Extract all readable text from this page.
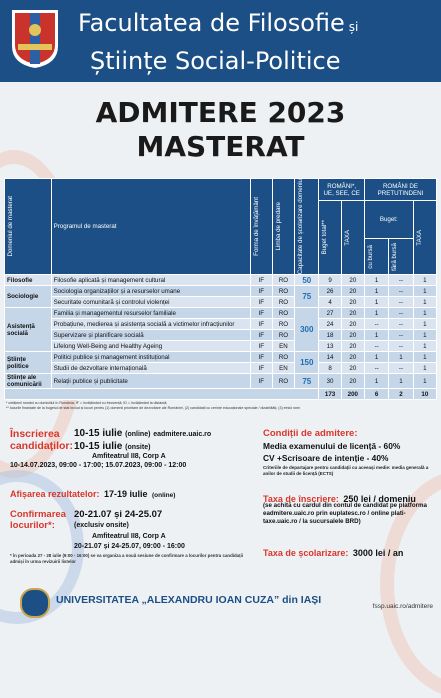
Facultatea de Filosofie și
Științe Social-Politice
ADMITERE 2023
MASTERAT
Domeniul de masterat	Programul de masterat	Forma de învățământ	Limba de predare	Capacitate de școlarizare domeniu	ROMÂNI*, UE, SEE, CE		ROMÂNI DE PRETUTINDENI		

					Buget total**	TAXĂ	Buget:		TAXĂ

							cu bursă	fără bursă	

Filosofie	Filosofie aplicată și management cultural	IF	RO	50	9	20	1	--	1
Sociologie	Sociologia organizațiilor și a resurselor umane	IF	RO	75	26	20	1	--	1
	Securitate comunitară și controlul violenței	IF	RO		4	20	1	--	1
Asistență socială	Familia și managementul resurselor familiale	IF	RO	300	27	20	1	--	1
	Probațiune, medierea și asistența socială a victimelor infracțiunilor	IF	RO		24	20	--	--	1
	Supervizare și planificare socială	IF	RO		18	20	1	--	1
	Lifelong Well-Being and Healthy Ageing	IF	EN		13	20	--	--	1
Științe politice	Politici publice și management instituțional	IF	RO	150	14	20	1	1	1
	Studii de dezvoltare internațională	IF	EN		8	20	--	--	1
Științe ale comunicării	Relații publice și publicitate	IF	RO	75	30	20	1	1	1
					173	200	6	2	10
* cetățenii români cu domiciliul în România; IF = învățământ cu frecvență; ID = învățământ la distanță;
** locurile finanțate de la bugetul de stat includ și locuri pentru (1) domenii prioritare de dezvoltare ale României, (2) candidații cu cerințe educaționale speciale / dizabilități, (3) etnici romi
Înscrierea candidaților:
10-15 iulie (online) eadmitere.uaic.ro
10-15 iulie (onsite)
Amfiteatrul II8, Corp A
10-14.07.2023, 09:00 - 17:00; 15.07.2023, 09:00 - 12:00
Afișarea rezultatelor: 17-19 iulie (online)
Confirmarea locurilor*:
20-21.07 și 24-25.07
(exclusiv onsite)
Amfiteatrul II8, Corp A
20-21.07 și 24-25.07, 09:00 - 16:00
* în perioada 27 - 28 iulie (9:00 - 16:00) se va organiza a nouă sesiune de confirmare a locurilor pentru candidații admiși în urma revizuirii listelor
Condiții de admitere:
Media examenului de licență - 60%
CV +Scrisoare de intenție - 40%
Criteriile de departajare pentru candidații cu aceeași medie: media generală a anilor de studii de licență (ECTS)
Taxa de înscriere: 250 lei / domeniu
(se achită cu cardul din contul de candidat pe platforma eadmitere.uaic.ro prin euplatesc.ro / online plati-taxe.uaic.ro / la sucursalele BRD)
Taxa de școlarizare: 3000 lei / an
UNIVERSITATEA „ALEXANDRU IOAN CUZA” din IAȘI
fssp.uaic.ro/admitere
